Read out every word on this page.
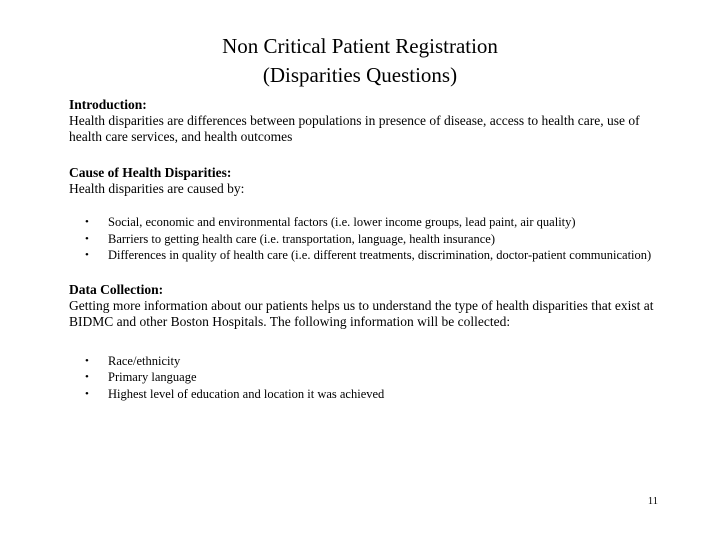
Non Critical Patient Registration
(Disparities Questions)

Introduction:

Health disparities are differences between populations in presence of disease, access to health care, use of health care services, and health outcomes

Cause of Health Disparities:

Health disparities are caused by:

• Social, economic and environmental factors (i.e. lower income groups, lead paint, air quality)
• Barriers to getting health care (i.e. transportation, language, health insurance)
• Differences in quality of health care (i.e. different treatments, discrimination, doctor-patient communication)

Data Collection:

Getting more information about our patients helps us to understand the type of health disparities that exist at BIDMC and other Boston Hospitals. The following information will be collected:

• Race/ethnicity
• Primary language
• Highest level of education and location it was achieved
11
